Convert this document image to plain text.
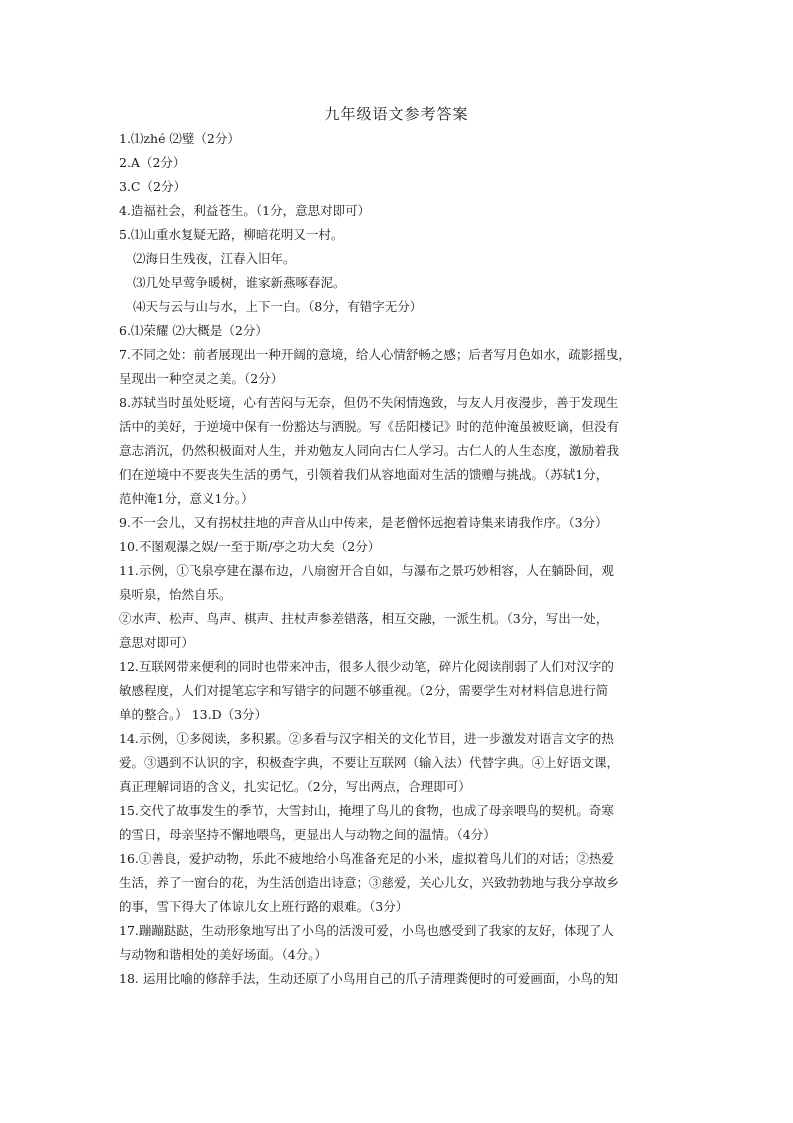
九年级语文参考答案
1.⑴zhé ⑵璧（2分）
2.A（2分）
3.C（2分）
4.造福社会，利益苍生。（1分，意思对即可）
5.⑴山重水复疑无路，柳暗花明又一村。
⑵海日生残夜，江春入旧年。
⑶几处早莺争暖树，谁家新燕啄春泥。
⑷天与云与山与水，上下一白。（8分，有错字无分）
6.⑴荣耀 ⑵大概是（2分）
7.不同之处：前者展现出一种开阔的意境，给人心情舒畅之感；后者写月色如水，疏影摇曳，
呈现出一种空灵之美。（2分）
8.苏轼当时虽处贬境，心有苦闷与无奈，但仍不失闲情逸致，与友人月夜漫步，善于发现生
活中的美好，于逆境中保有一份豁达与洒脱。写《岳阳楼记》时的范仲淹虽被贬谪，但没有
意志消沉，仍然积极面对人生，并劝勉友人同向古仁人学习。古仁人的人生态度，激励着我
们在逆境中不要丧失生活的勇气，引领着我们从容地面对生活的馈赠与挑战。（苏轼1分，
范仲淹1分，意义1分。）
9.不一会儿，又有拐杖拄地的声音从山中传来，是老僧怀远抱着诗集来请我作序。（3分）
10.不图观瀑之娱/一至于斯/亭之功大矣（2分）
11.示例，①飞泉亭建在瀑布边，八扇窗开合自如，与瀑布之景巧妙相容，人在躺卧间，观
泉听泉，怡然自乐。
②水声、松声、鸟声、棋声、拄杖声参差错落，相互交融，一派生机。（3分，写出一处，
意思对即可）
12.互联网带来便利的同时也带来冲击，很多人很少动笔，碎片化阅读削弱了人们对汉字的
敏感程度，人们对提笔忘字和写错字的问题不够重视。（2分，需要学生对材料信息进行简
单的整合。） 13.D（3分）
14.示例，①多阅读，多积累。②多看与汉字相关的文化节目，进一步激发对语言文字的热
爱。③遇到不认识的字，积极查字典，不要让互联网（输入法）代替字典。④上好语文课，
真正理解词语的含义，扎实记忆。（2分，写出两点，合理即可）
15.交代了故事发生的季节，大雪封山，掩埋了鸟儿的食物，也成了母亲喂鸟的契机。奇寒
的雪日，母亲坚持不懈地喂鸟，更显出人与动物之间的温情。（4分）
16.①善良，爱护动物，乐此不疲地给小鸟准备充足的小米，虚拟着鸟儿们的对话；②热爱
生活，养了一窗台的花，为生活创造出诗意；③慈爱，关心儿女，兴致勃勃地与我分享故乡
的事，雪下得大了体谅儿女上班行路的艰难。（3分）
17.蹦蹦跶跶，生动形象地写出了小鸟的活泼可爱，小鸟也感受到了我家的友好，体现了人
与动物和谐相处的美好场面。（4分。）
18. 运用比喻的修辞手法，生动还原了小鸟用自己的爪子清理粪便时的可爱画面，小鸟的知
